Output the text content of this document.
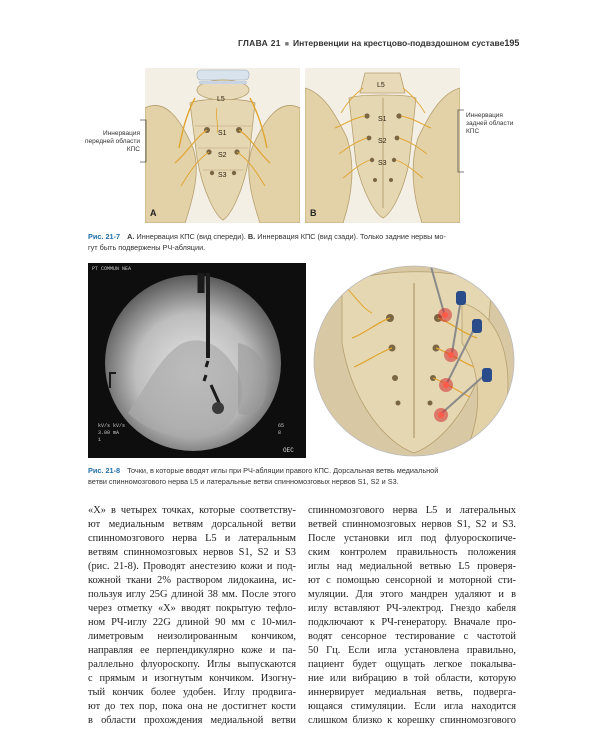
ГЛАВА 21 ■ Интервенции на крестцово-подвздошном суставе 195
L5
S1
S2
S3
A
Иннервация передней области КПС
L5
S1
S2
S3
B
Иннервация задней области КПС
Рис. 21-7 A. Иннервация КПС (вид спереди). B. Иннервация КПС (вид сзади). Только задние нервы мо-
гут быть подвержены РЧ-абляции.
PT COMMUN NEA
kV/s kV/s
3.00 mA
1
65
8
OEC
Рис. 21-8 Точки, в которые вводят иглы при РЧ-абляции правого КПС. Дорсальная ветвь медиальной
ветви спинномозгового нерва L5 и латеральные ветви спинномозговых нервов S1, S2 и S3.
«X» в четырех точках, которые соответству-
ют медиальным ветвям дорсальной ветви
спинномозгового нерва L5 и латеральным
ветвям спинномозговых нервов S1, S2 и S3
(рис. 21-8). Проводят анестезию кожи и под-
кожной ткани 2% раствором лидокаина, ис-
пользуя иглу 25G длиной 38 мм. После этого
через отметку «X» вводят покрытую тефло-
ном РЧ-иглу 22G длиной 90 мм с 10-мил-
лиметровым неизолированным кончиком,
направляя ее перпендикулярно коже и па-
раллельно флуороскопу. Иглы выпускаются
с прямым и изогнутым кончиком. Изогну-
тый кончик более удобен. Иглу продвига-
ют до тех пор, пока она не достигнет кости
в области прохождения медиальной ветви
спинномозгового нерва L5 и латеральных
ветвей спинномозговых нервов S1, S2 и S3.
После установки игл под флуороскопиче-
ским контролем правильность положения
иглы над медиальной ветвью L5 проверя-
ют с помощью сенсорной и моторной сти-
муляции. Для этого мандрен удаляют и в
иглу вставляют РЧ-электрод. Гнездо кабеля
подключают к РЧ-генератору. Вначале про-
водят сенсорное тестирование с частотой
50 Гц. Если игла установлена правильно,
пациент будет ощущать легкое покалыва-
ние или вибрацию в той области, которую
иннервирует медиальная ветвь, подверга-
ющаяся стимуляции. Если игла находится
слишком близко к корешку спинномозгового
